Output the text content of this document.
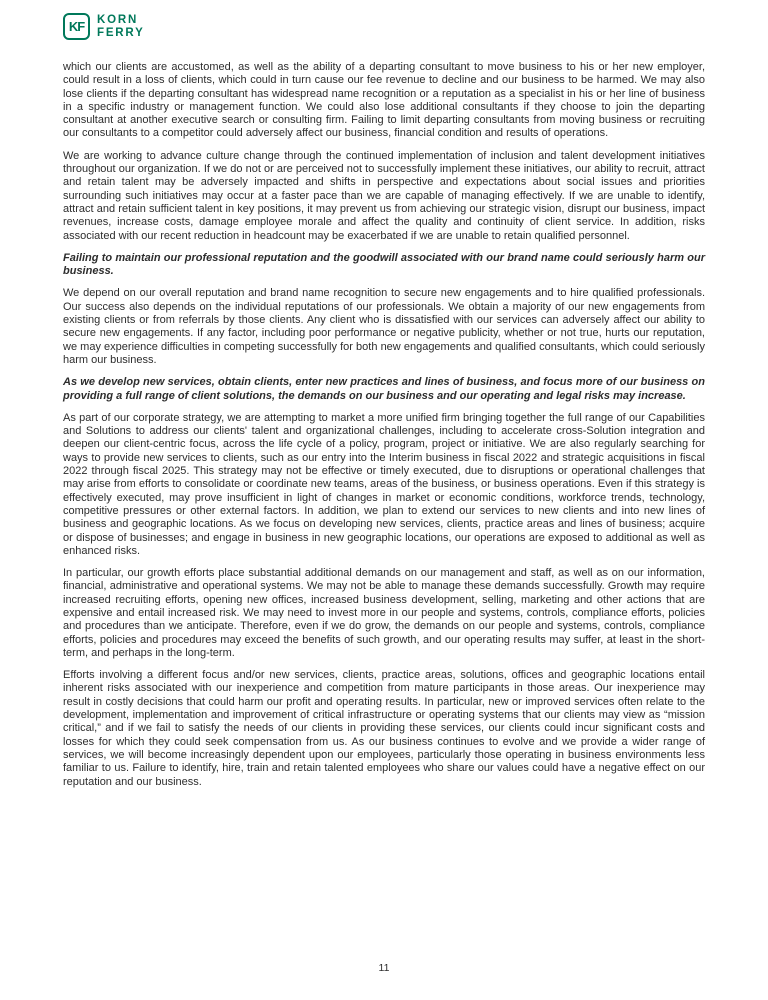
KF KORN
FERRY

which our clients are accustomed, as well as the ability of a departing consultant to move business to his or her new employer, could result in a loss of clients, which could in turn cause our fee revenue to decline and our business to be harmed. We may also lose clients if the departing consultant has widespread name recognition or a reputation as a specialist in his or her line of business in a specific industry or management function. We could also lose additional consultants if they choose to join the departing consultant at another executive search or consulting firm. Failing to limit departing consultants from moving business or recruiting our consultants to a competitor could adversely affect our business, financial condition and results of operations.

We are working to advance culture change through the continued implementation of inclusion and talent development initiatives throughout our organization. If we do not or are perceived not to successfully implement these initiatives, our ability to recruit, attract and retain talent may be adversely impacted and shifts in perspective and expectations about social issues and priorities surrounding such initiatives may occur at a faster pace than we are capable of managing effectively. If we are unable to identify, attract and retain sufficient talent in key positions, it may prevent us from achieving our strategic vision, disrupt our business, impact revenues, increase costs, damage employee morale and affect the quality and continuity of client service. In addition, risks associated with our recent reduction in headcount may be exacerbated if we are unable to retain qualified personnel.

Failing to maintain our professional reputation and the goodwill associated with our brand name could seriously harm our business.

We depend on our overall reputation and brand name recognition to secure new engagements and to hire qualified professionals. Our success also depends on the individual reputations of our professionals. We obtain a majority of our new engagements from existing clients or from referrals by those clients. Any client who is dissatisfied with our services can adversely affect our ability to secure new engagements. If any factor, including poor performance or negative publicity, whether or not true, hurts our reputation, we may experience difficulties in competing successfully for both new engagements and qualified consultants, which could seriously harm our business.

As we develop new services, obtain clients, enter new practices and lines of business, and focus more of our business on providing a full range of client solutions, the demands on our business and our operating and legal risks may increase.

As part of our corporate strategy, we are attempting to market a more unified firm bringing together the full range of our Capabilities and Solutions to address our clients' talent and organizational challenges, including to accelerate cross-Solution integration and deepen our client-centric focus, across the life cycle of a policy, program, project or initiative. We are also regularly searching for ways to provide new services to clients, such as our entry into the Interim business in fiscal 2022 and strategic acquisitions in fiscal 2022 through fiscal 2025. This strategy may not be effective or timely executed, due to disruptions or operational challenges that may arise from efforts to consolidate or coordinate new teams, areas of the business, or business operations. Even if this strategy is effectively executed, may prove insufficient in light of changes in market or economic conditions, workforce trends, technology, competitive pressures or other external factors. In addition, we plan to extend our services to new clients and into new lines of business and geographic locations. As we focus on developing new services, clients, practice areas and lines of business; acquire or dispose of businesses; and engage in business in new geographic locations, our operations are exposed to additional as well as enhanced risks.

In particular, our growth efforts place substantial additional demands on our management and staff, as well as on our information, financial, administrative and operational systems. We may not be able to manage these demands successfully. Growth may require increased recruiting efforts, opening new offices, increased business development, selling, marketing and other actions that are expensive and entail increased risk. We may need to invest more in our people and systems, controls, compliance efforts, policies and procedures than we anticipate. Therefore, even if we do grow, the demands on our people and systems, controls, compliance efforts, policies and procedures may exceed the benefits of such growth, and our operating results may suffer, at least in the short-term, and perhaps in the long-term.

Efforts involving a different focus and/or new services, clients, practice areas, solutions, offices and geographic locations entail inherent risks associated with our inexperience and competition from mature participants in those areas. Our inexperience may result in costly decisions that could harm our profit and operating results. In particular, new or improved services often relate to the development, implementation and improvement of critical infrastructure or operating systems that our clients may view as “mission critical,” and if we fail to satisfy the needs of our clients in providing these services, our clients could incur significant costs and losses for which they could seek compensation from us. As our business continues to evolve and we provide a wider range of services, we will become increasingly dependent upon our employees, particularly those operating in business environments less familiar to us. Failure to identify, hire, train and retain talented employees who share our values could have a negative effect on our reputation and our business.

11
